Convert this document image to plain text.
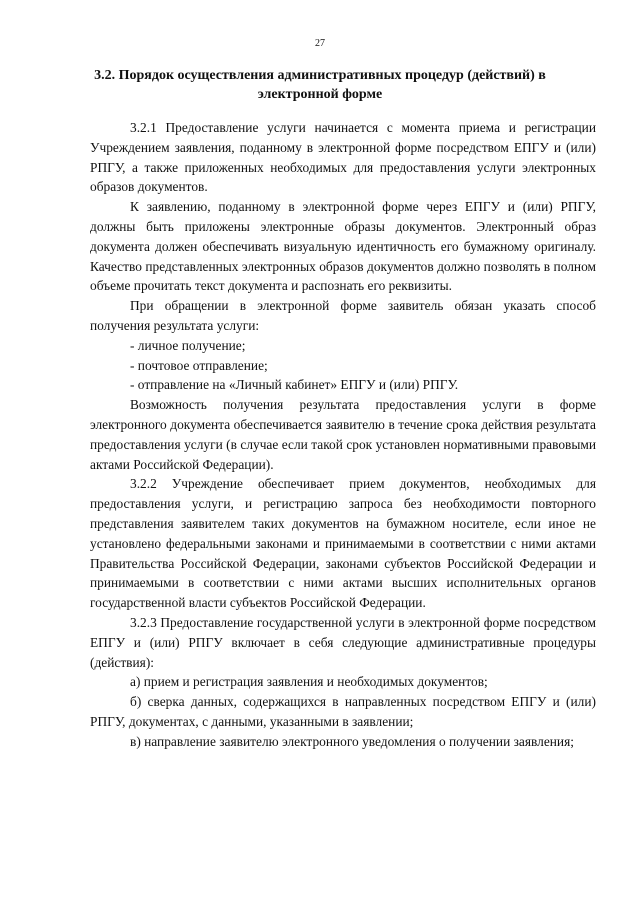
27
3.2. Порядок осуществления административных процедур (действий) в электронной форме

3.2.1 Предоставление услуги начинается с момента приема и регистрации Учреждением заявления, поданному в электронной форме посредством ЕПГУ и (или) РПГУ, а также приложенных необходимых для предоставления услуги электронных образов документов.

К заявлению, поданному в электронной форме через ЕПГУ и (или) РПГУ, должны быть приложены электронные образы документов. Электронный образ документа должен обеспечивать визуальную идентичность его бумажному оригиналу. Качество представленных электронных образов документов должно позволять в полном объеме прочитать текст документа и распознать его реквизиты.

При обращении в электронной форме заявитель обязан указать способ получения результата услуги:

- личное получение;

- почтовое отправление;

- отправление на «Личный кабинет» ЕПГУ и (или) РПГУ.

Возможность получения результата предоставления услуги в форме электронного документа обеспечивается заявителю в течение срока действия результата предоставления услуги (в случае если такой срок установлен нормативными правовыми актами Российской Федерации).

3.2.2 Учреждение обеспечивает прием документов, необходимых для предоставления услуги, и регистрацию запроса без необходимости повторного представления заявителем таких документов на бумажном носителе, если иное не установлено федеральными законами и принимаемыми в соответствии с ними актами Правительства Российской Федерации, законами субъектов Российской Федерации и принимаемыми в соответствии с ними актами высших исполнительных органов государственной власти субъектов Российской Федерации.

3.2.3 Предоставление государственной услуги в электронной форме посредством ЕПГУ и (или) РПГУ включает в себя следующие административные процедуры (действия):

а) прием и регистрация заявления и необходимых документов;

б) сверка данных, содержащихся в направленных посредством ЕПГУ и (или) РПГУ, документах, с данными, указанными в заявлении;

в) направление заявителю электронного уведомления о получении заявления;
